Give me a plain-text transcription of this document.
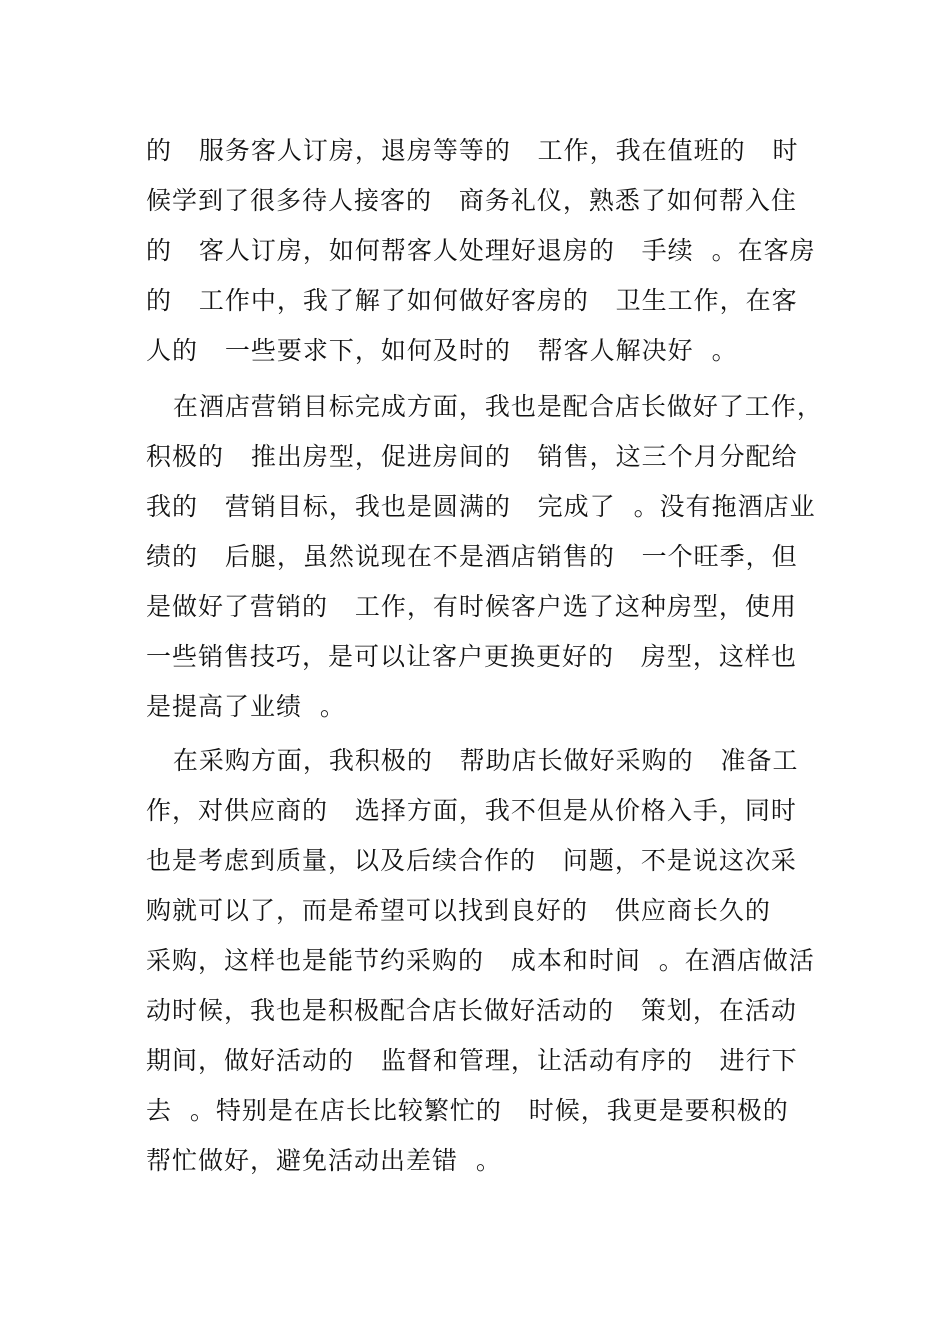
的   服务客人订房，退房等等的   工作，我在值班的   时
候学到了很多待人接客的   商务礼仪，熟悉了如何帮入住
的   客人订房，如何帮客人处理好退房的   手续  。在客房
的   工作中，我了解了如何做好客房的   卫生工作，在客
人的   一些要求下，如何及时的   帮客人解决好  。
在酒店营销目标完成方面，我也是配合店长做好了工作，
积极的   推出房型，促进房间的   销售，这三个月分配给
我的   营销目标，我也是圆满的   完成了  。没有拖酒店业
绩的   后腿，虽然说现在不是酒店销售的   一个旺季，但
是做好了营销的   工作，有时候客户选了这种房型，使用
一些销售技巧，是可以让客户更换更好的   房型，这样也
是提高了业绩  。
在采购方面，我积极的   帮助店长做好采购的   准备工
作，对供应商的   选择方面，我不但是从价格入手，同时
也是考虑到质量，以及后续合作的   问题，不是说这次采
购就可以了，而是希望可以找到良好的   供应商长久的
采购，这样也是能节约采购的   成本和时间  。在酒店做活
动时候，我也是积极配合店长做好活动的   策划，在活动
期间，做好活动的   监督和管理，让活动有序的   进行下
去  。特别是在店长比较繁忙的   时候，我更是要积极的
帮忙做好，避免活动出差错  。
